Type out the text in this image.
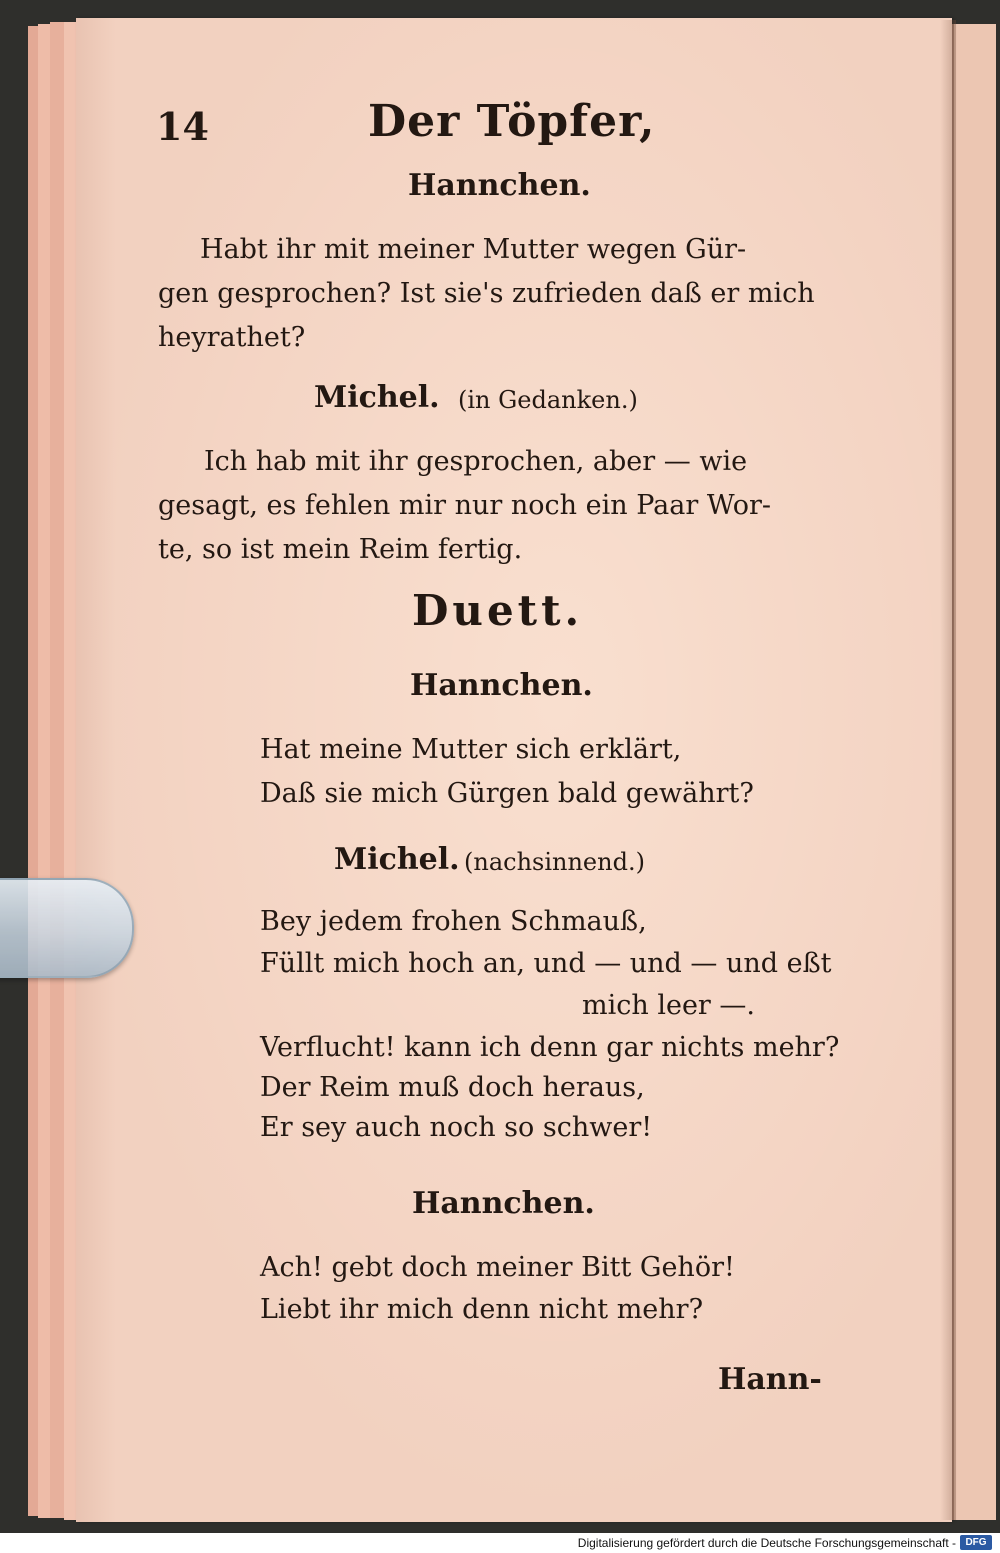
14	Der Töpfer,
Hannchen.
Habt ihr mit meiner Mutter wegen Gür-
gen gesprochen? Ist sie's zufrieden daß er mich
heyrathet?
Michel. (in Gedanken.)
Ich hab mit ihr gesprochen, aber — wie
gesagt, es fehlen mir nur noch ein Paar Wor-
te, so ist mein Reim fertig.
Duett.
Hannchen.
Hat meine Mutter sich erklärt,
Daß sie mich Gürgen bald gewährt?
Michel. (nachsinnend.)
Bey jedem frohen Schmauß,
Füllt mich hoch an, und — und — und eßt
mich leer —.
Verflucht! kann ich denn gar nichts mehr?
Der Reim muß doch heraus,
Er sey auch noch so schwer!
Hannchen.
Ach! gebt doch meiner Bitt Gehör!
Liebt ihr mich denn nicht mehr?
Hann-
Digitalisierung gefördert durch die Deutsche Forschungsgemeinschaft - DFG
